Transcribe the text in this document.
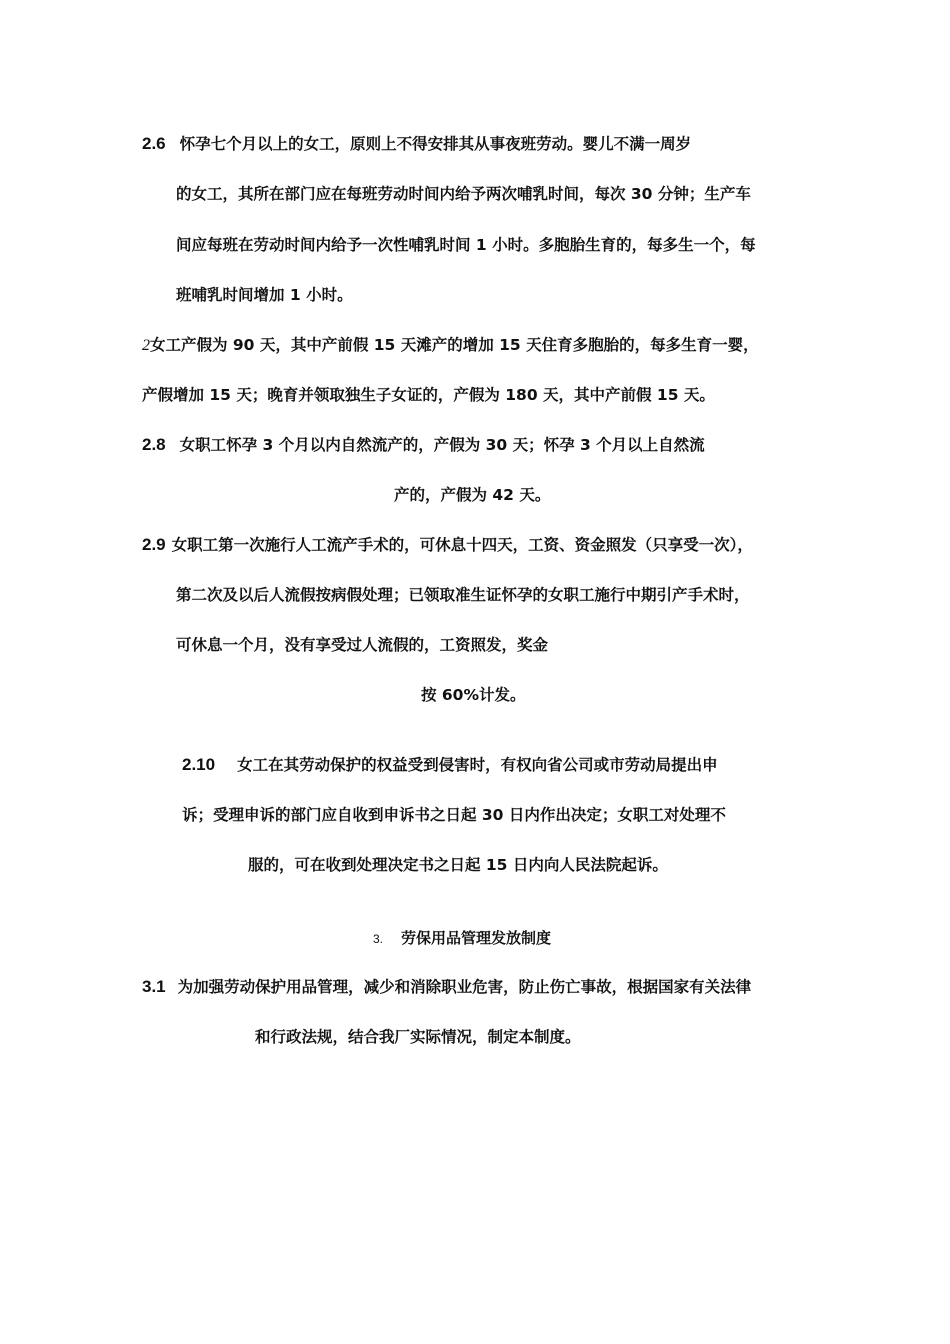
2.6 怀孕七个月以上的女工，原则上不得安排其从事夜班劳动。婴儿不满一周岁
的女工，其所在部门应在每班劳动时间内给予两次哺乳时间，每次 30 分钟；生产车
间应每班在劳动时间内给予一次性哺乳时间 1 小时。多胞胎生育的，每多生一个，每
班哺乳时间增加 1 小时。
2女工产假为 90 天，其中产前假 15 天滩产的增加 15 天住育多胞胎的，每多生育一婴，
产假增加 15 天；晚育并领取独生子女证的，产假为 180 天，其中产前假 15 天。
2.8 女职工怀孕 3 个月以内自然流产的，产假为 30 天；怀孕 3 个月以上自然流
产的，产假为 42 天。
2.9 女职工第一次施行人工流产手术的，可休息十四天，工资、资金照发（只享受一次），
第二次及以后人流假按病假处理；已领取准生证怀孕的女职工施行中期引产手术时，
可休息一个月，没有享受过人流假的，工资照发，奖金
按 60%计发。
2.10 女工在其劳动保护的权益受到侵害时，有权向省公司或市劳动局提出申
诉；受理申诉的部门应自收到申诉书之日起 30 日内作出决定；女职工对处理不
服的，可在收到处理决定书之日起 15 日内向人民法院起诉。
3. 劳保用品管理发放制度
3.1 为加强劳动保护用品管理，减少和消除职业危害，防止伤亡事故，根据国家有关法律
和行政法规，结合我厂实际情况，制定本制度。
